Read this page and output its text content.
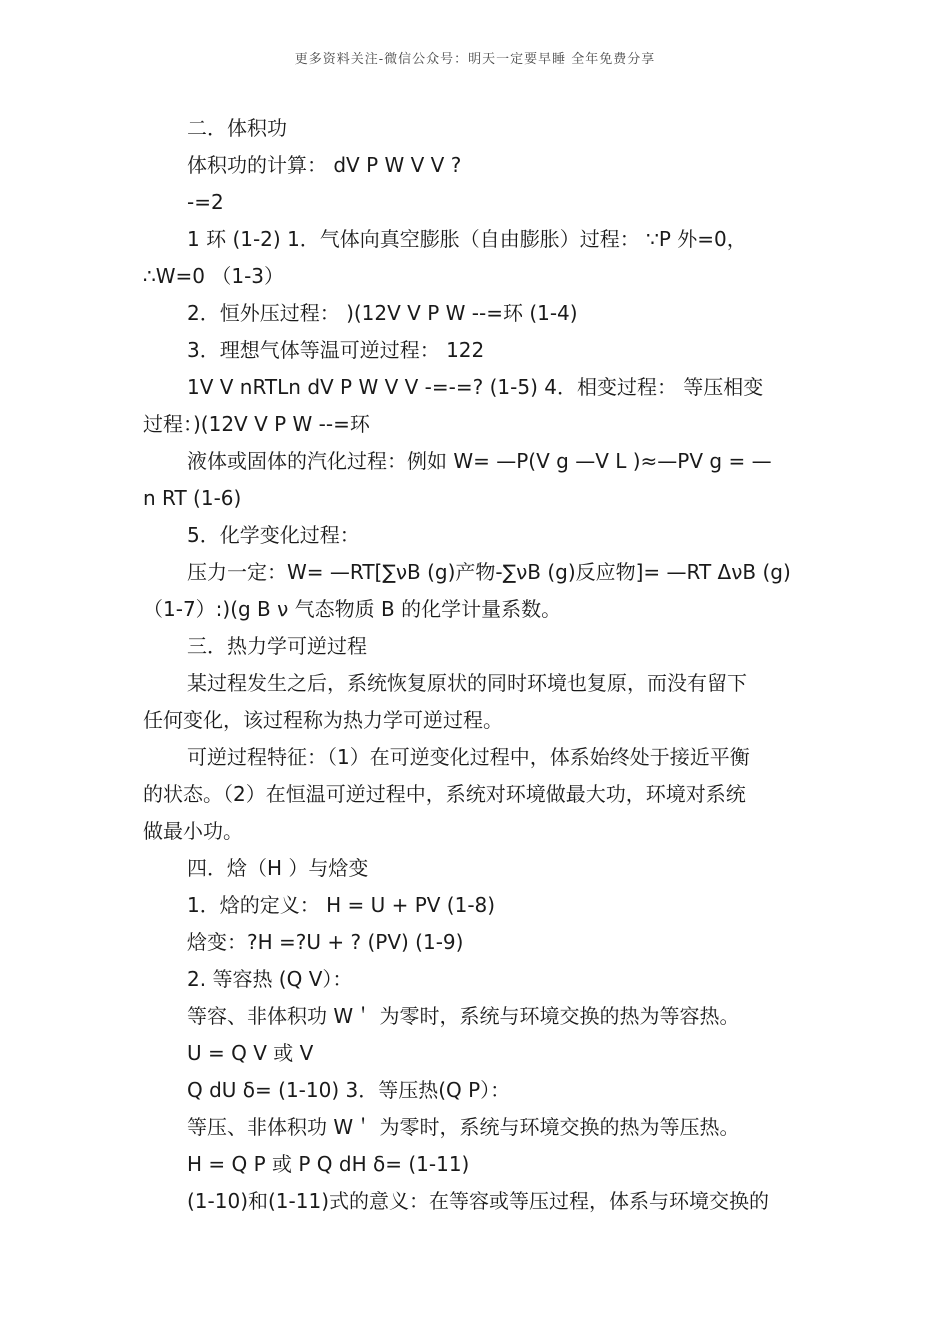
更多资料关注-微信公众号：明天一定要早睡 全年免费分享
二．体积功
体积功的计算： dV P W V V ?
-=2
1 环 (1-2) 1．气体向真空膨胀（自由膨胀）过程： ∵P 外=0，
∴W=0 （1-3）
2．恒外压过程： )(12V V P W --=环 (1-4)
3．理想气体等温可逆过程： 122
1V V nRTLn dV P W V V -=-=? (1-5) 4．相变过程： 等压相变
过程：)(12V V P W --=环
液体或固体的汽化过程：例如 W= —P(V g —V L )≈—PV g = —
n RT (1-6)
5．化学变化过程：
压力一定：W= —RT[∑νB (g)产物-∑νB (g)反应物]= —RT ΔνB (g)
（1-7）:)(g B ν 气态物质 B 的化学计量系数。
三．热力学可逆过程
某过程发生之后，系统恢复原状的同时环境也复原，而没有留下
任何变化，该过程称为热力学可逆过程。
可逆过程特征：（1）在可逆变化过程中，体系始终处于接近平衡
的状态。（2）在恒温可逆过程中，系统对环境做最大功，环境对系统
做最小功。
四．焓（H ）与焓变
1．焓的定义： H = U + PV (1-8)
焓变：?H =?U + ? (PV) (1-9)
2. 等容热 (Q V）：
等容、非体积功 W＇ 为零时，系统与环境交换的热为等容热。
U = Q V 或 V
Q dU δ= (1-10) 3．等压热(Q P）：
等压、非体积功 W＇ 为零时，系统与环境交换的热为等压热。
H = Q P 或 P Q dH δ= (1-11)
(1-10)和(1-11)式的意义：在等容或等压过程，体系与环境交换的
